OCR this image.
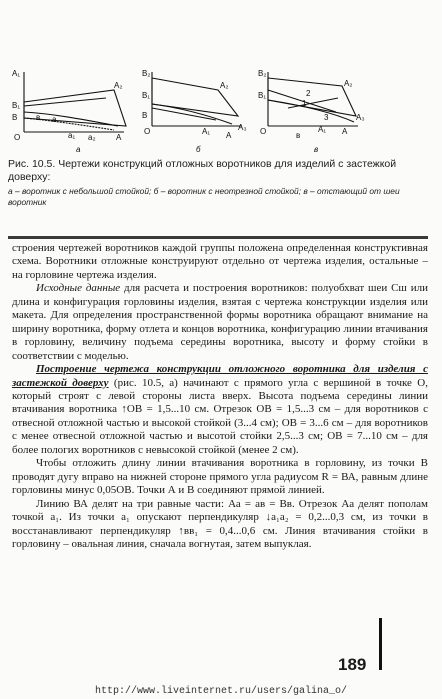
A₁
A₂
B₁
В
О
а
а₁ а₂	А
в
а
В₂
A₂
В₁
В
О	A₁	A₃
А
б
B₂
A₂
В₁
A₃
О	A₁ А
в
1
2
3
в

Рис. 10.5. Чертежи конструкций отложных воротников для изделий с застежкой доверху:

а – воротник с небольшой стойкой; б – воротник с неотрезной стойкой; в – отстающий от шеи воротник

строения чертежей воротников каждой группы положена определенная конструктивная схема. Воротники отложные конструируют отдельно от чертежа изделия, остальные – на горловине чертежа изделия.

Исходные данные для расчета и построения воротников: полуобхват шеи Сш или длина и конфигурация горловины изделия, взятая с чертежа конструкции изделия или макета. Для определения пространственной формы воротника обращают внимание на ширину воротника, форму отлета и концов воротника, конфигурацию линии втачивания в горловину, величину подъема середины воротника, высоту и форму стойки в соответствии с моделью.

Построение чертежа конструкции отложного воротника для изделия с застежкой доверху (рис. 10.5, а) начинают с прямого угла с вершиной в точке О, который строят с левой стороны листа вверх. Высота подъема середины линии втачивания воротника ↑ОВ = 1,5...10 см. Отрезок ОВ = 1,5...3 см – для воротников с отвесной отложной частью и высокой стойкой (3...4 см); ОВ = 3...6 см – для воротников с менее отвесной отложной частью и высотой стойки 2,5...3 см; ОВ = 7...10 см – для более пологих воротников с невысокой стойкой (менее 2 см).

Чтобы отложить длину линии втачивания воротника в горловину, из точки В проводят дугу вправо на нижней стороне прямого угла радиусом R = ВА, равным длине горловины минус 0,05ОВ. Точки А и В соединяют прямой линией.

Линию ВА делят на три равные части: Аа = ав = Вв. Отрезок Аа делят пополам точкой а₁. Из точки а₁ опускают перпендикуляр ↓а₁а₂ = 0,2...0,3 см, из точки в восстанавливают перпендикуляр ↑вв₁ = 0,4...0,6 см. Линия втачивания стойки в горловину – овальная линия, сначала вогнутая, затем выпуклая.

189
http://www.liveinternet.ru/users/galina_o/
